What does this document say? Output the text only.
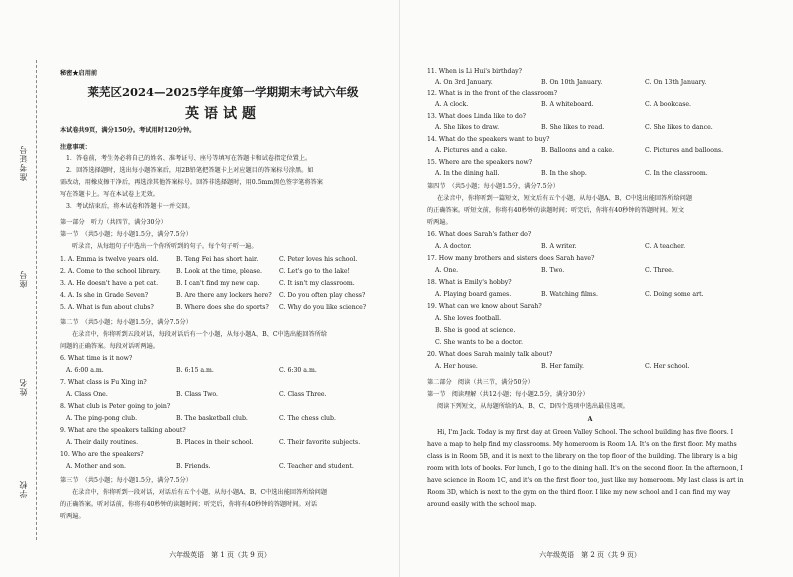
准考证号
座号
姓名
学校
秘密★启用前
莱芜区2024—2025学年度第一学期期末考试六年级
英语试题
本试卷共9页，满分150分。考试用时120分钟。
注意事项：
1．答卷前，考生务必将自己的姓名、准考证号、座号等填写在答题卡和试卷指定位置上。
2．回答选择题时，选出每小题答案后，用2B铅笔把答题卡上对应题目的答案标号涂黑。如
需改动，用橡皮擦干净后，再选涂其他答案标号。回答非选择题时，用0.5mm黑色签字笔将答案
写在答题卡上。写在本试卷上无效。
3．考试结束后，将本试卷和答题卡一并交回。
第一部分　听力（共四节，满分30分）
第一节　（共5小题；每小题1.5分，满分7.5分）
听录音，从每组句子中选出一个你所听到的句子。每个句子听一遍。
1. A. Emma is twelve years old.	B. Teng Fei has short hair.	C. Peter loves his school.
2. A. Come to the school library. B. Look at the time, please.	C. Let's go to the lake!
3. A. He doesn't have a pet cat.	B. I can't find my new cap.	C. It isn't my classroom.
4. A. Is she in Grade Seven?	B. Are there any lockers here? C. Do you often play chess?
5. A. What is fun about clubs?	B. Where does she do sports? C. Why do you like science?
第二节　（共5小题；每小题1.5分，满分7.5分）
在录音中，你将听到五段对话，每段对话后有一个小题，从每小题A、B、C中选出能回答所给
问题的正确答案。每段对话听两遍。
6. What time is it now?
A. 6:00 a.m.	B. 6:15 a.m.	C. 6:30 a.m.
7. What class is Fu Xing in?
A. Class One.	B. Class Two.	C. Class Three.
8. What club is Peter going to join?
A. The ping-pong club.	B. The basketball club.	C. The chess club.
9. What are the speakers talking about?
A. Their daily routines.	B. Places in their school.	C. Their favorite subjects.
10. Who are the speakers?
A. Mother and son.	B. Friends.	C. Teacher and student.
第三节　（共5小题；每小题1.5分，满分7.5分）
在录音中，你将听到一段对话，对话后有五个小题，从每小题A、B、C中选出能回答所给问题
的正确答案。听对话前，你将有40秒钟的读题时间；听完后，你将有40秒钟的答题时间。对话
听两遍。
六年级英语　第 1 页（共 9 页）
11. When is Li Hui's birthday?
A. On 3rd January.	B. On 10th January.	C. On 13th January.
12. What is in the front of the classroom?
A. A clock.	B. A whiteboard.	C. A bookcase.
13. What does Linda like to do?
A. She likes to draw.	B. She likes to read.	C. She likes to dance.
14. What do the speakers want to buy?
A. Pictures and a cake.	B. Balloons and a cake.	C. Pictures and balloons.
15. Where are the speakers now?
A. In the dining hall.	B. In the shop.	C. In the classroom.
第四节　（共5小题；每小题1.5分，满分7.5分）
在录音中，你将听到一篇短文，短文后有五个小题，从每小题A、B、C中选出能回答所给问题
的正确答案。听短文前，你将有40秒钟的读题时间；听完后，你将有40秒钟的答题时间。短文
听两遍。
16. What does Sarah's father do?
A. A doctor.	B. A writer.	C. A teacher.
17. How many brothers and sisters does Sarah have?
A. One.	B. Two.	C. Three.
18. What is Emily's hobby?
A. Playing board games.	B. Watching films.	C. Doing some art.
19. What can we know about Sarah?
A. She loves football.
B. She is good at science.
C. She wants to be a doctor.
20. What does Sarah mainly talk about?
A. Her house.	B. Her family.	C. Her school.
第二部分　阅读（共三节，满分50分）
第一节　阅读理解（共12小题；每小题2.5分，满分30分）
阅读下列短文，从每题所给的A、B、C、D四个选项中选出最佳选项。
A
Hi, I'm Jack. Today is my first day at Green Valley School. The school building has five floors. I
have a map to help find my classrooms. My homeroom is Room 1A. It's on the first floor. My maths
class is in Room 5B, and it is next to the library on the top floor of the building. The library is a big
room with lots of books. For lunch, I go to the dining hall. It's on the second floor. In the afternoon, I
have science in Room 1C, and it's on the first floor too, just like my homeroom. My last class is art in
Room 3D, which is next to the gym on the third floor. I like my new school and I can find my way
around easily with the school map.
六年级英语　第 2 页（共 9 页）
